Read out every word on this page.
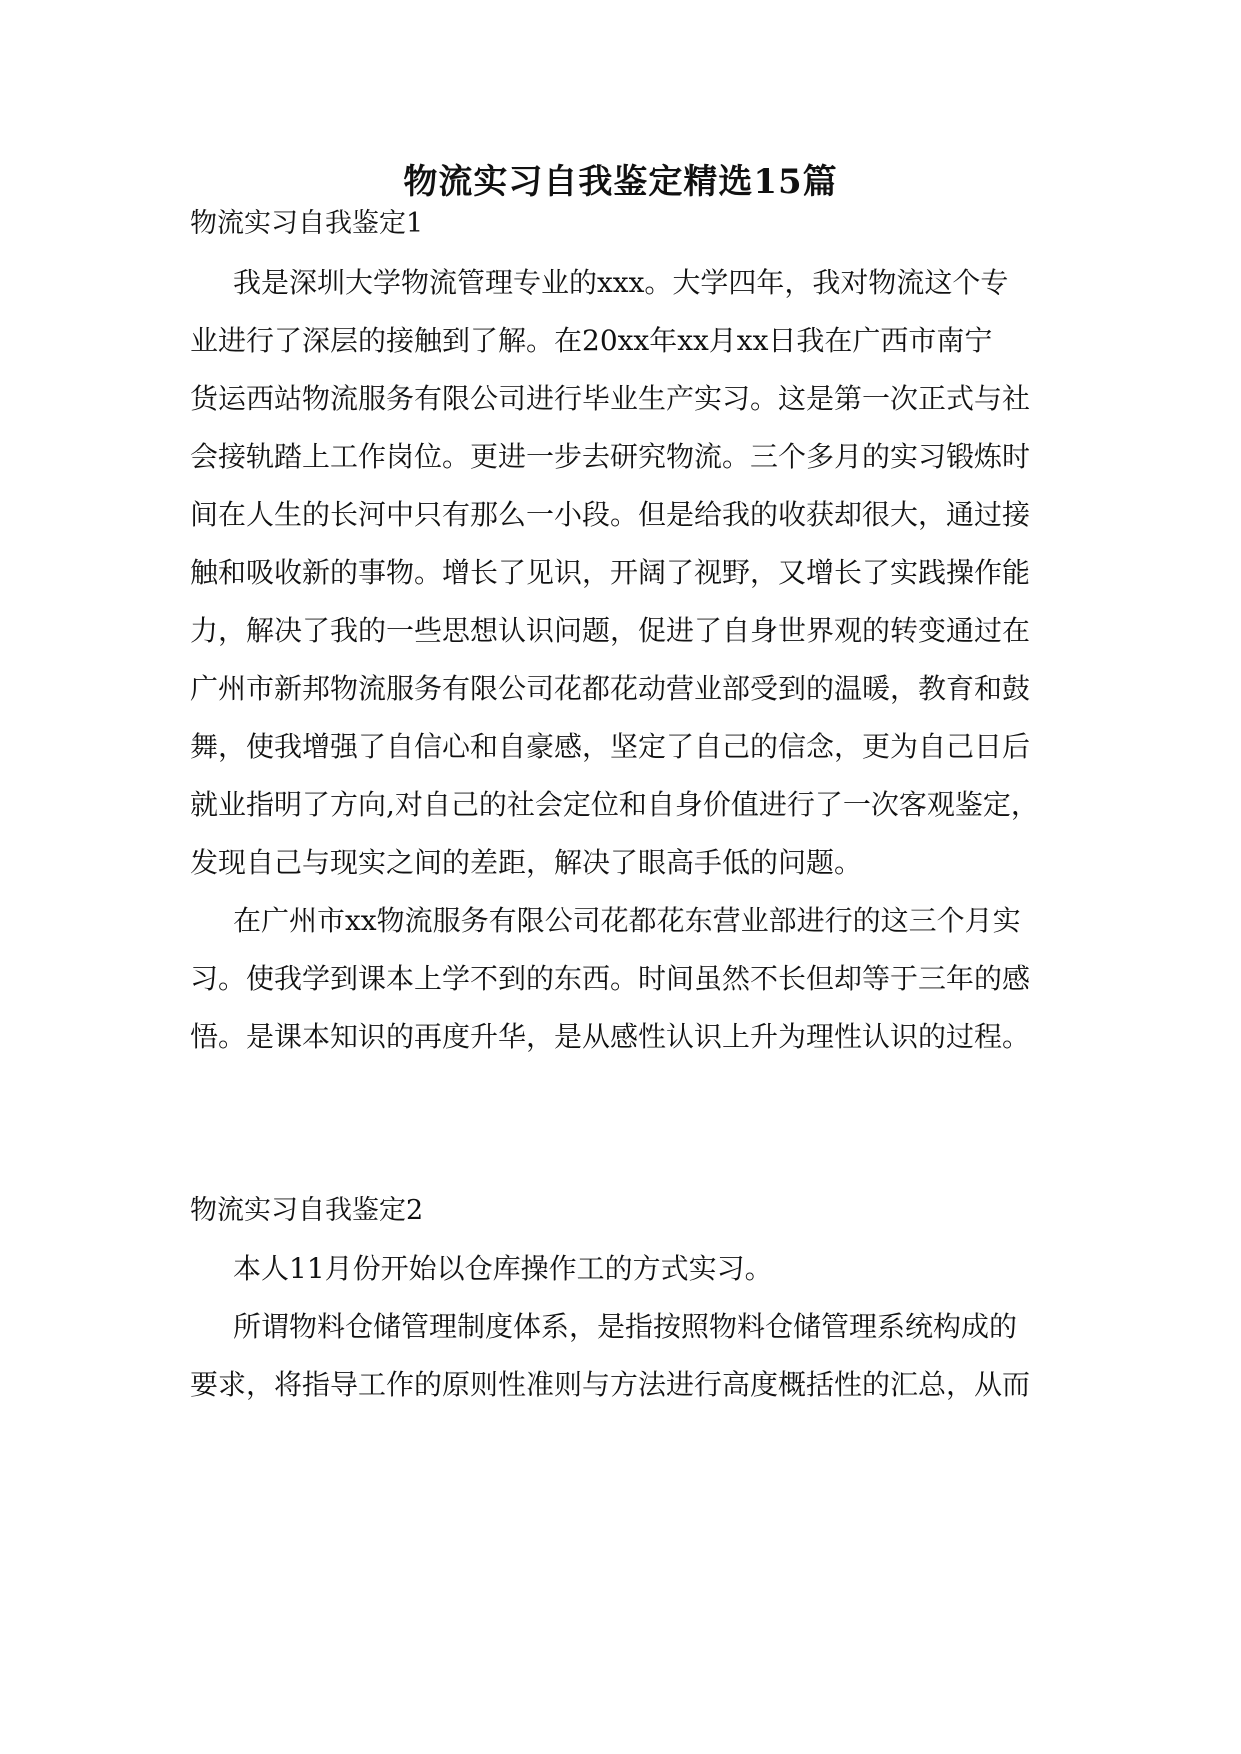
物流实习自我鉴定精选15篇
物流实习自我鉴定1
我是深圳大学物流管理专业的xxx。大学四年，我对物流这个专
业进行了深层的接触到了解。在20xx年xx月xx日我在广西市南宁
货运西站物流服务有限公司进行毕业生产实习。这是第一次正式与社
会接轨踏上工作岗位。更进一步去研究物流。三个多月的实习锻炼时
间在人生的长河中只有那么一小段。但是给我的收获却很大，通过接
触和吸收新的事物。增长了见识，开阔了视野，又增长了实践操作能
力，解决了我的一些思想认识问题，促进了自身世界观的转变通过在
广州市新邦物流服务有限公司花都花动营业部受到的温暖，教育和鼓
舞，使我增强了自信心和自豪感，坚定了自己的信念，更为自己日后
就业指明了方向,对自己的社会定位和自身价值进行了一次客观鉴定，
发现自己与现实之间的差距，解决了眼高手低的问题。
在广州市xx物流服务有限公司花都花东营业部进行的这三个月实
习。使我学到课本上学不到的东西。时间虽然不长但却等于三年的感
悟。是课本知识的再度升华，是从感性认识上升为理性认识的过程。
物流实习自我鉴定2
本人11月份开始以仓库操作工的方式实习。
所谓物料仓储管理制度体系，是指按照物料仓储管理系统构成的
要求，将指导工作的原则性准则与方法进行高度概括性的汇总，从而
